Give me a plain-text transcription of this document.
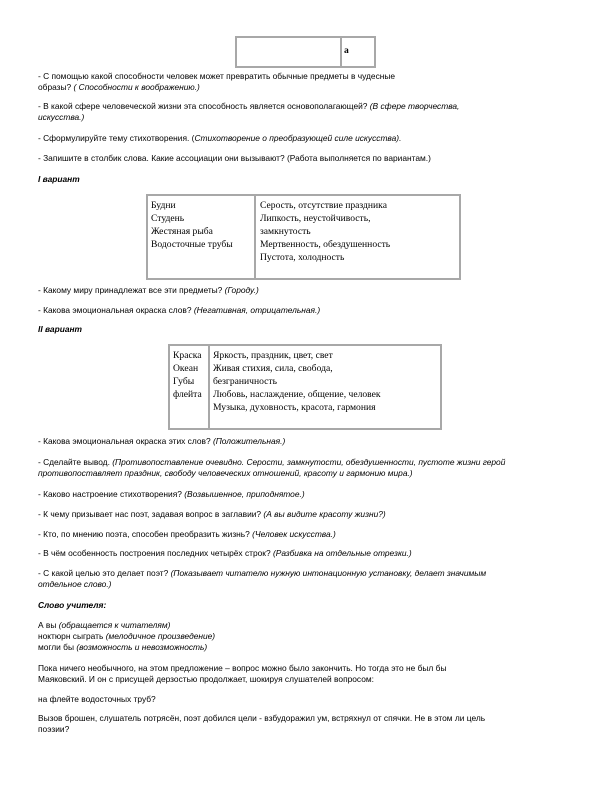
а
- С помощью какой способности человек может превратить обычные предметы в чудесные
образы? ( Способности к воображению.)
- В какой сфере человеческой жизни эта способность является основополагающей? (В сфере творчества,
искусства.)
- Сформулируйте тему стихотворения. (Стихотворение о преобразующей силе искусства).
- Запишите в столбик слова. Какие ассоциации они вызывают? (Работа выполняется по вариантам.)
I вариант
Будни
Студень
Жестяная рыба
Водосточные трубы
Серость, отсутствие праздника
Липкость, неустойчивость,
замкнутость
Мертвенность, обездушенность
Пустота, холодность
- Какому миру принадлежат все эти предметы? (Городу.)
- Какова эмоциональная окраска слов? (Негативная, отрицательная.)
II вариант
Краска
Океан
Губы
флейта
Яркость, праздник, цвет, свет
Живая стихия, сила, свобода,
безграничность
Любовь, наслаждение, общение, человек
Музыка, духовность, красота, гармония
- Какова эмоциональная окраска этих слов? (Положительная.)
- Сделайте вывод. (Противопоставление очевидно. Серости, замкнутости, обездушенности, пустоте жизни герой
противопоставляет праздник, свободу человеческих отношений, красоту и гармонию мира.)
- Каково настроение стихотворения? (Возвышенное, приподнятое.)
- К чему призывает нас поэт, задавая вопрос в заглавии? (А вы видите красоту жизни?)
- Кто, по мнению поэта, способен преобразить жизнь? (Человек искусства.)
- В чём особенность построения последних четырёх строк? (Разбивка на отдельные отрезки.)
- С какой целью это делает поэт? (Показывает читателю нужную интонационную установку, делает значимым
отдельное слово.)
Слово учителя:
А вы (обращается к читателям)
ноктюрн сыграть (мелодичное произведение)
могли бы (возможность и невозможность)
Пока ничего необычного, на этом предложение – вопрос можно было закончить. Но тогда это не был бы
Маяковский. И он с присущей дерзостью продолжает, шокируя слушателей вопросом:
на флейте водосточных труб?
Вызов брошен, слушатель потрясён, поэт добился цели - взбудоражил ум, встряхнул от спячки. Не в этом ли цель
поэзии?
